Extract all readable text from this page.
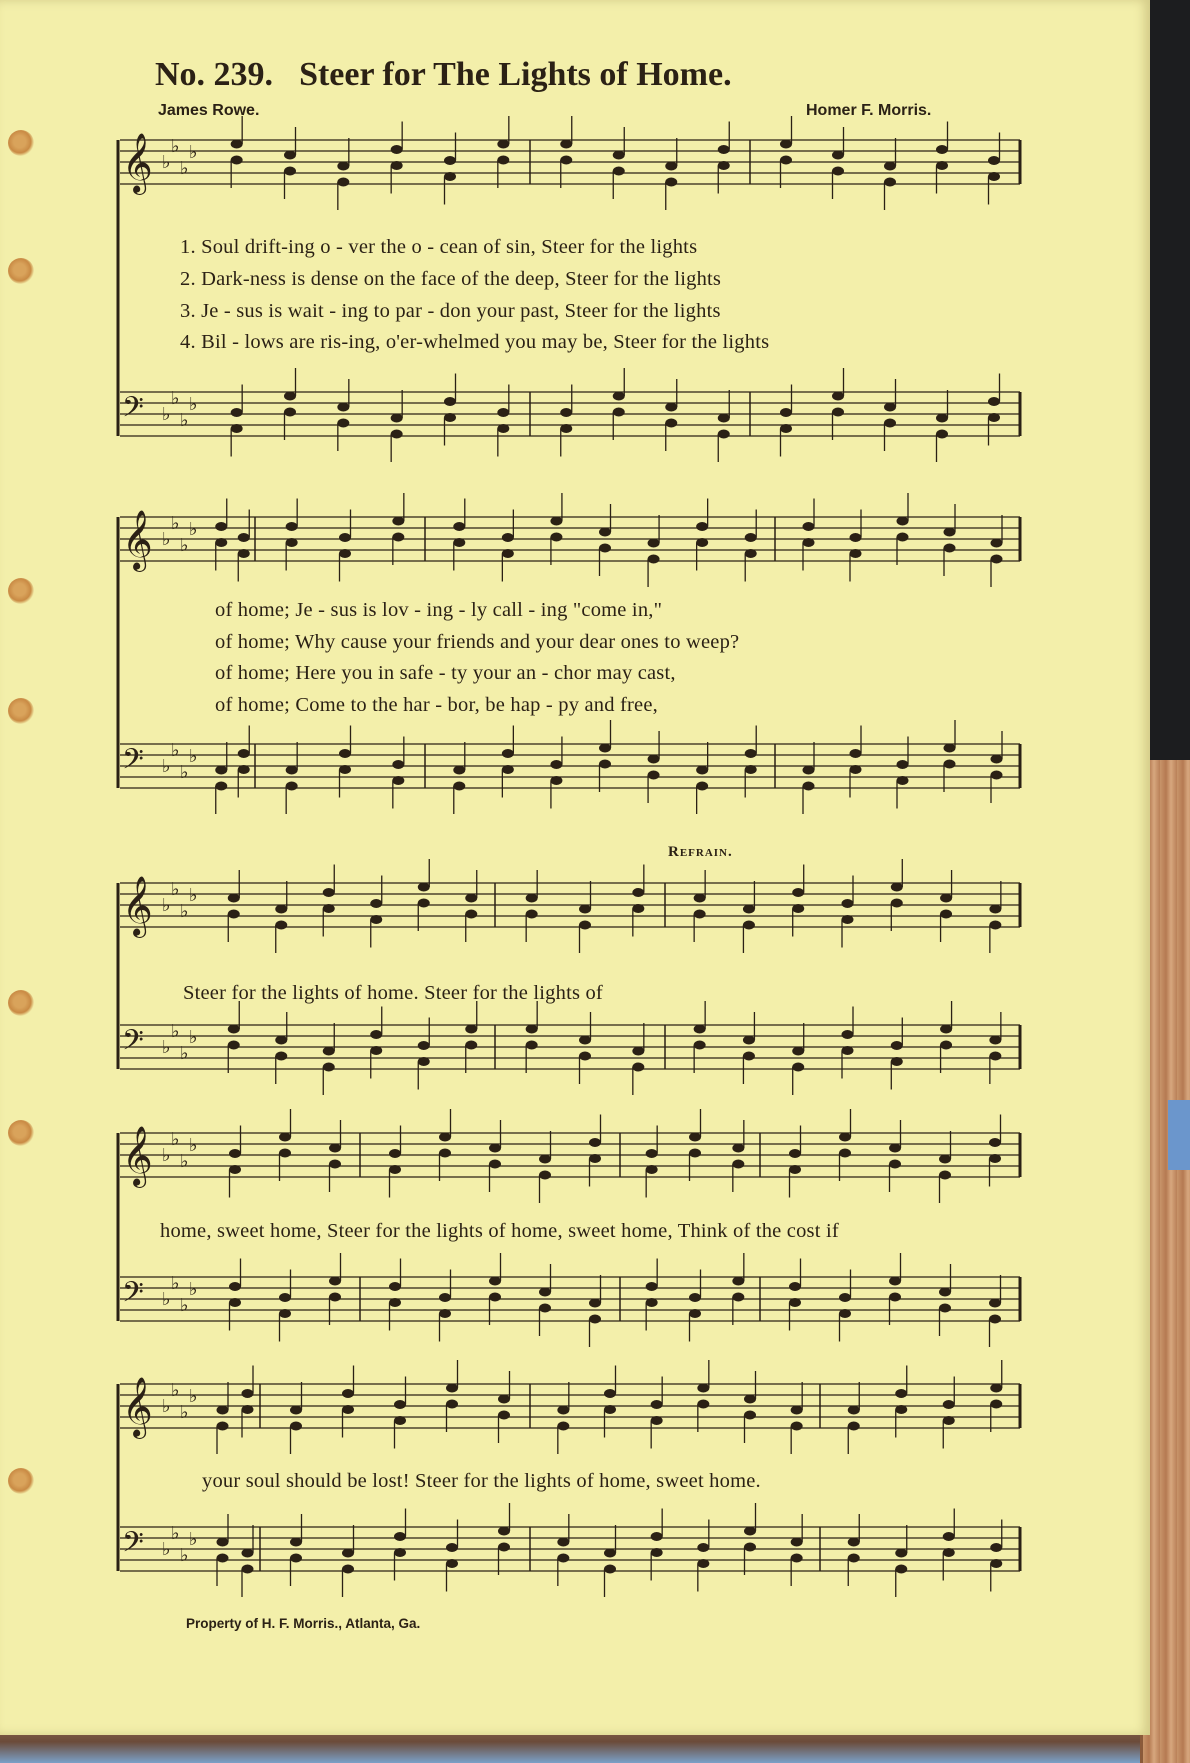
No. 239. Steer for The Lights of Home.
James Rowe.	Homer F. Morris.
𝄞 ♭
♭
♭
♭
𝄢 ♭
♭
♭
♭
𝄞 ♭
♭
♭
♭
𝄢 ♭
♭
♭
♭
𝄞 ♭
♭
♭
♭
𝄢 ♭
♭
♭
♭
𝄞 ♭
♭
♭
♭
𝄢 ♭
♭
♭
♭
𝄞 ♭
♭
♭
♭
𝄢 ♭
♭
♭
♭
1. Soul drift-ing o - ver the o - cean of sin, Steer for the lights
2. Dark-ness is dense on the face of the deep, Steer for the lights
3. Je - sus is wait - ing to par - don your past, Steer for the lights
4. Bil - lows are ris-ing, o'er-whelmed you may be, Steer for the lights
of home; Je - sus is lov - ing - ly call - ing "come in,"
of home; Why cause your friends and your dear ones to weep?
of home; Here you in safe - ty your an - chor may cast,
of home; Come to the har - bor, be hap - py and free,
Refrain.
Steer for the lights of home. Steer for the lights of
home, sweet home, Steer for the lights of home, sweet home, Think of the cost if
your soul should be lost! Steer for the lights of home, sweet home.
Property of H. F. Morris., Atlanta, Ga.
